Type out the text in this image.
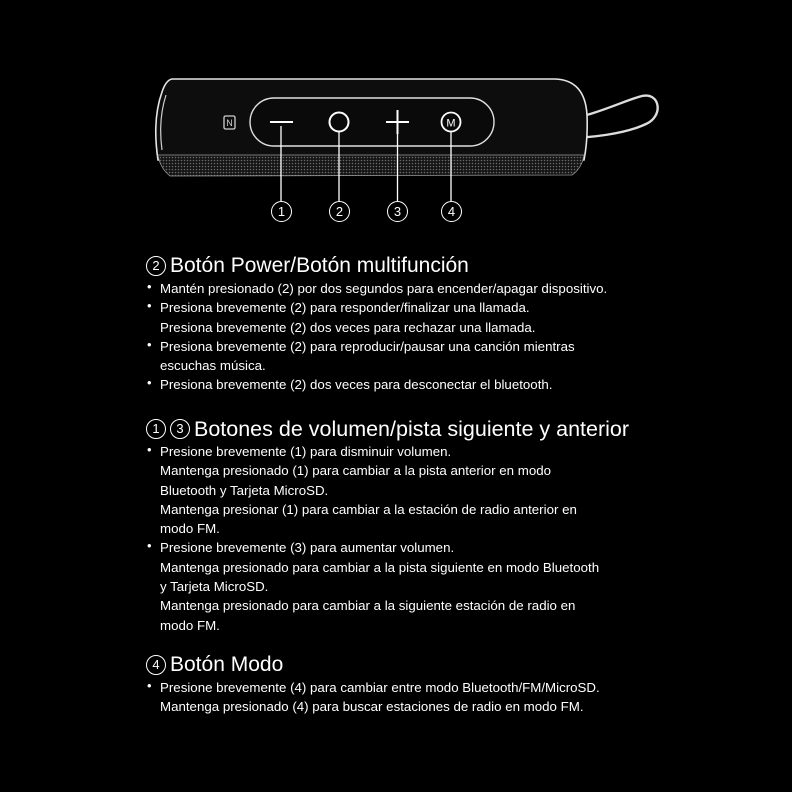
N	M
1	2	3	4
2 Botón Power/Botón multifunción
• Mantén presionado (2) por dos segundos para encender/apagar dispositivo.
• Presiona brevemente (2) para responder/finalizar una llamada.
Presiona brevemente (2) dos veces para rechazar una llamada.
• Presiona brevemente (2) para reproducir/pausar una canción mientras
escuchas música.
• Presiona brevemente (2) dos veces para desconectar el bluetooth.
1	3 Botones de volumen/pista siguiente y anterior
• Presione brevemente (1) para disminuir volumen.
Mantenga presionado (1) para cambiar a la pista anterior en modo
Bluetooth y Tarjeta MicroSD.
Mantenga presionar (1) para cambiar a la estación de radio anterior en
modo FM.
• Presione brevemente (3) para aumentar volumen.
Mantenga presionado para cambiar a la pista siguiente en modo Bluetooth
y Tarjeta MicroSD.
Mantenga presionado para cambiar a la siguiente estación de radio en
modo FM.
4 Botón Modo
• Presione brevemente (4) para cambiar entre modo Bluetooth/FM/MicroSD.
Mantenga presionado (4) para buscar estaciones de radio en modo FM.
